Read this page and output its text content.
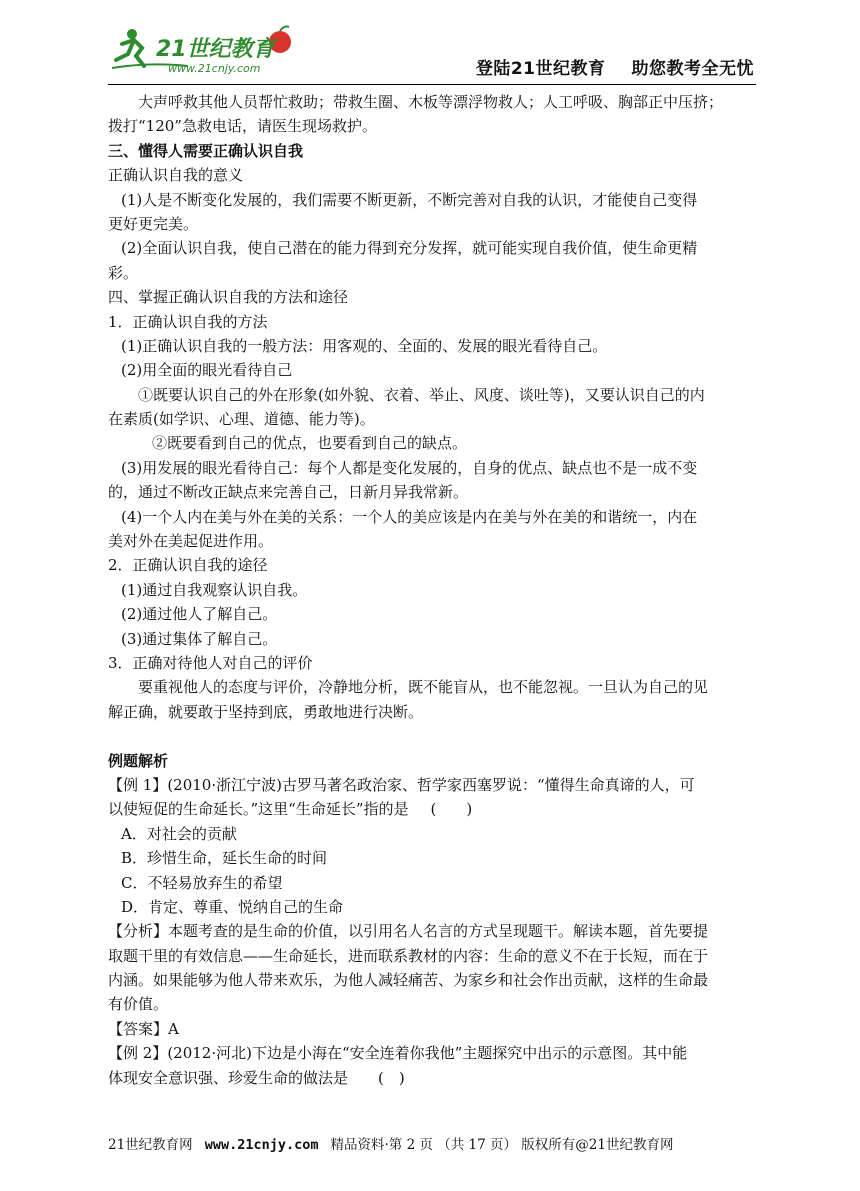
21世纪教育
www.21cnjy.com	登陆21世纪教育 助您教考全无忧
大声呼救其他人员帮忙救助；带救生圈、木板等漂浮物救人；人工呼吸、胸部正中压挤；
拨打“120”急救电话，请医生现场救护。
三、懂得人需要正确认识自我
正确认识自我的意义
(1)人是不断变化发展的，我们需要不断更新，不断完善对自我的认识，才能使自己变得
更好更完美。
(2)全面认识自我，使自己潜在的能力得到充分发挥，就可能实现自我价值，使生命更精
彩。
四、掌握正确认识自我的方法和途径
1．正确认识自我的方法
(1)正确认识自我的一般方法：用客观的、全面的、发展的眼光看待自己。
(2)用全面的眼光看待自己
①既要认识自己的外在形象(如外貌、衣着、举止、风度、谈吐等)，又要认识自己的内
在素质(如学识、心理、道德、能力等)。
②既要看到自己的优点，也要看到自己的缺点。
(3)用发展的眼光看待自己：每个人都是变化发展的，自身的优点、缺点也不是一成不变
的，通过不断改正缺点来完善自己，日新月异我常新。
(4)一个人内在美与外在美的关系：一个人的美应该是内在美与外在美的和谐统一，内在
美对外在美起促进作用。
2．正确认识自我的途径
(1)通过自我观察认识自我。
(2)通过他人了解自己。
(3)通过集体了解自己。
3．正确对待他人对自己的评价
要重视他人的态度与评价，冷静地分析，既不能盲从，也不能忽视。一旦认为自己的见
解正确，就要敢于坚持到底，勇敢地进行决断。
例题解析
【例 1】(2010·浙江宁波)古罗马著名政治家、哲学家西塞罗说：“懂得生命真谛的人，可
以使短促的生命延长。”这里“生命延长”指的是 (　　)
A．对社会的贡献
B．珍惜生命，延长生命的时间
C．不轻易放弃生的希望
D．肯定、尊重、悦纳自己的生命
【分析】本题考查的是生命的价值，以引用名人名言的方式呈现题干。解读本题，首先要提
取题干里的有效信息——生命延长，进而联系教材的内容：生命的意义不在于长短，而在于
内涵。如果能够为他人带来欢乐，为他人减轻痛苦、为家乡和社会作出贡献，这样的生命最
有价值。
【答案】A
【例 2】(2012·河北)下边是小海在“安全连着你我他”主题探究中出示的示意图。其中能
体现安全意识强、珍爱生命的做法是 (　)
21世纪教育网 www.21cnjy.com 精品资料·第 2 页 （共 17 页） 版权所有@21世纪教育网
